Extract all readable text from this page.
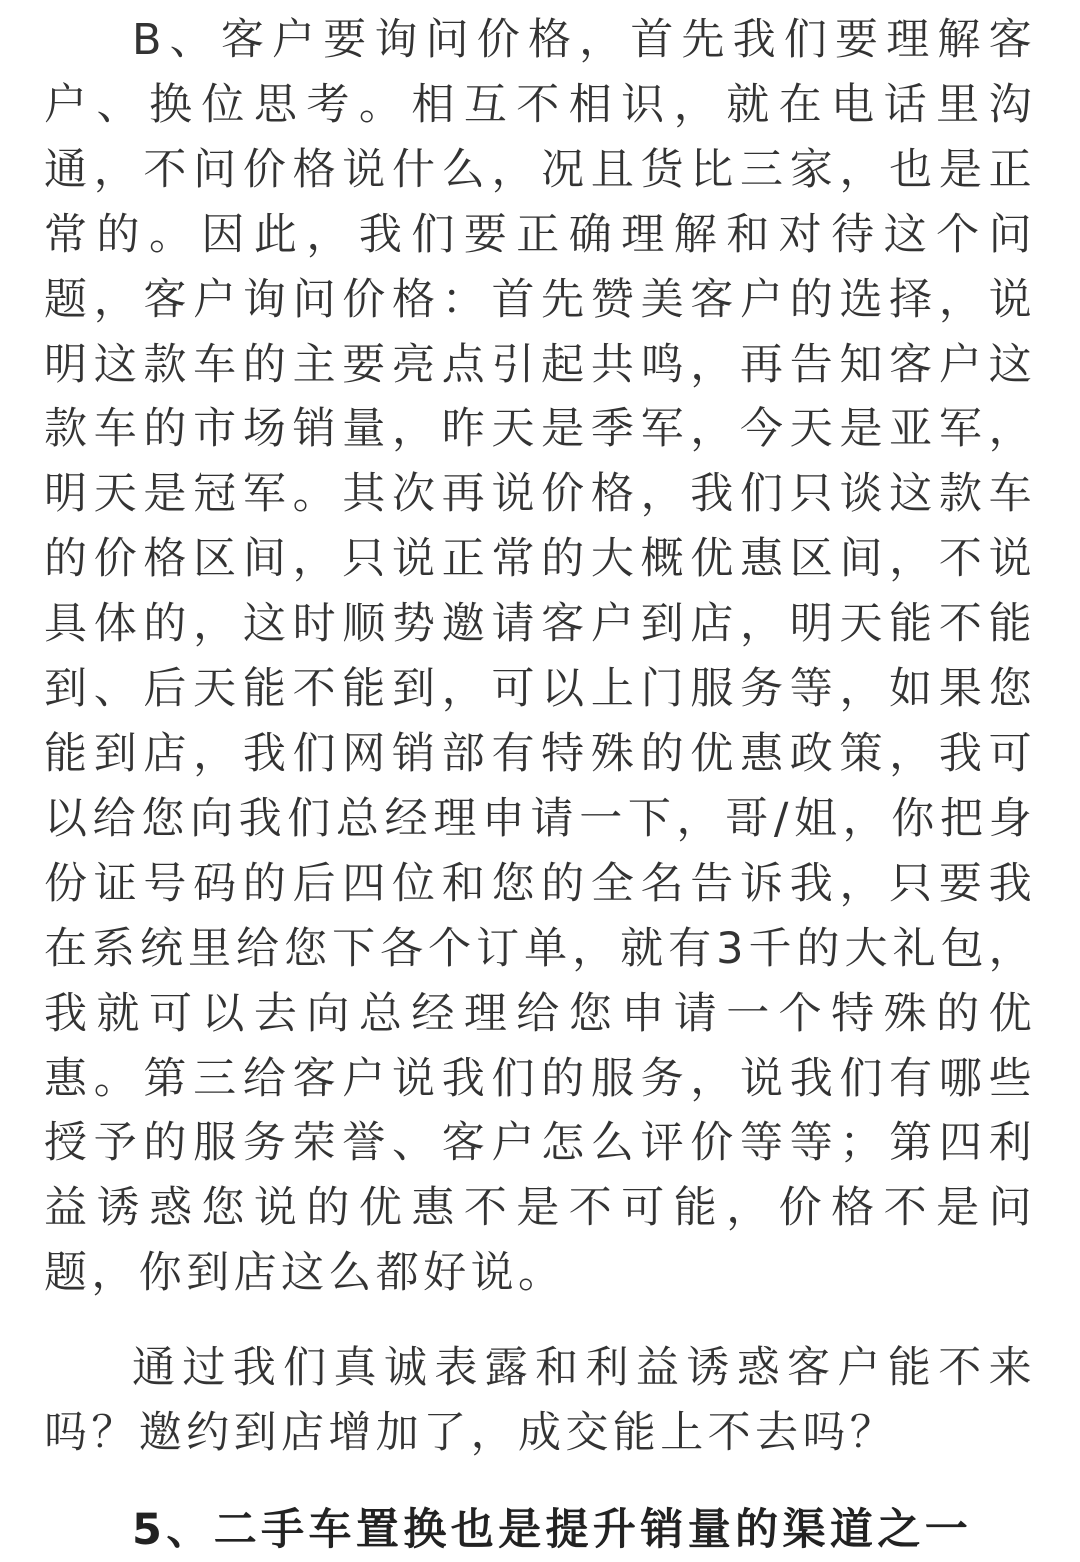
B、客户要询问价格，首先我们要理解客户、换位思考。相互不相识，就在电话里沟通，不问价格说什么，况且货比三家，也是正常的。因此，我们要正确理解和对待这个问题，客户询问价格：首先赞美客户的选择，说明这款车的主要亮点引起共鸣，再告知客户这款车的市场销量，昨天是季军，今天是亚军，明天是冠军。其次再说价格，我们只谈这款车的价格区间，只说正常的大概优惠区间，不说具体的，这时顺势邀请客户到店，明天能不能到、后天能不能到，可以上门服务等，如果您能到店，我们网销部有特殊的优惠政策，我可以给您向我们总经理申请一下，哥/姐，你把身份证号码的后四位和您的全名告诉我，只要我在系统里给您下各个订单，就有3千的大礼包，我就可以去向总经理给您申请一个特殊的优惠。第三给客户说我们的服务，说我们有哪些授予的服务荣誉、客户怎么评价等等；第四利益诱惑您说的优惠不是不可能，价格不是问题，你到店这么都好说。

通过我们真诚表露和利益诱惑客户能不来吗？邀约到店增加了，成交能上不去吗？

5、二手车置换也是提升销量的渠道之一
